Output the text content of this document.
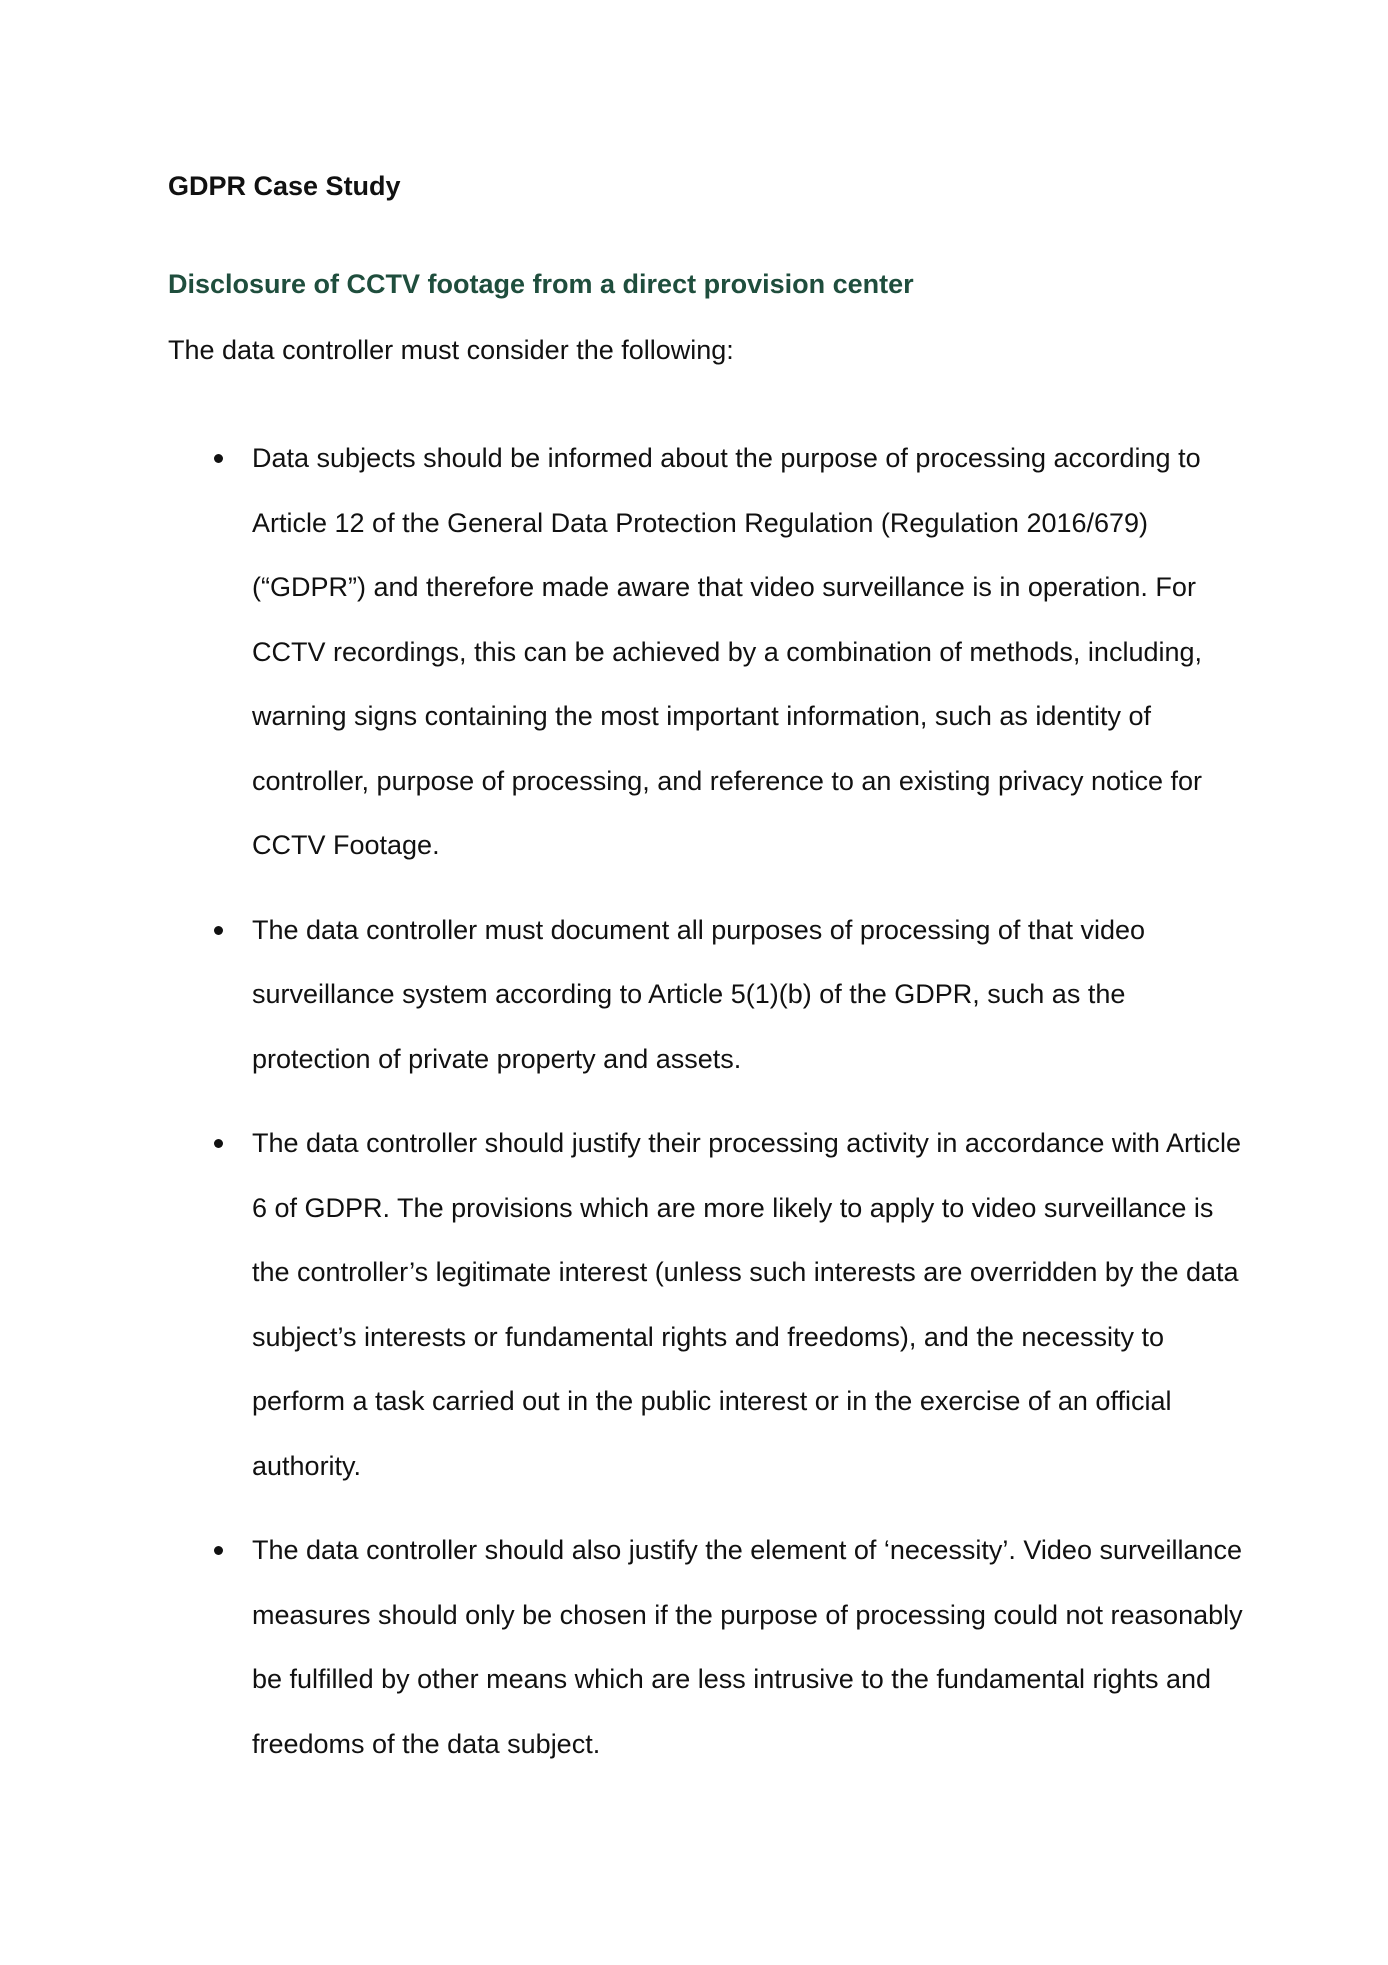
GDPR Case Study
Disclosure of CCTV footage from a direct provision center

The data controller must consider the following:

Data subjects should be informed about the purpose of processing according to Article 12 of the General Data Protection Regulation (Regulation 2016/679) (“GDPR”) and therefore made aware that video surveillance is in operation. For CCTV recordings, this can be achieved by a combination of methods, including, warning signs containing the most important information, such as identity of controller, purpose of processing, and reference to an existing privacy notice for CCTV Footage.
The data controller must document all purposes of processing of that video surveillance system according to Article 5(1)(b) of the GDPR, such as the protection of private property and assets.
The data controller should justify their processing activity in accordance with Article 6 of GDPR. The provisions which are more likely to apply to video surveillance is the controller’s legitimate interest (unless such interests are overridden by the data subject’s interests or fundamental rights and freedoms), and the necessity to perform a task carried out in the public interest or in the exercise of an official authority.
The data controller should also justify the element of ‘necessity’. Video surveillance measures should only be chosen if the purpose of processing could not reasonably be fulfilled by other means which are less intrusive to the fundamental rights and freedoms of the data subject.
